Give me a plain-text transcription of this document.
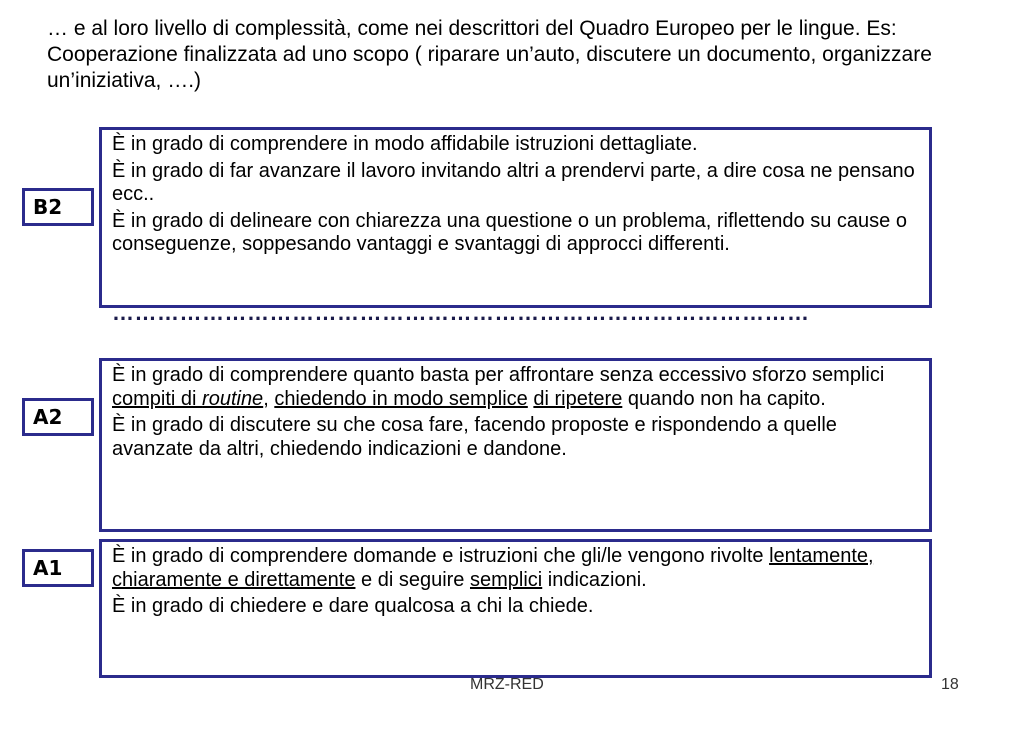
… e al loro livello di complessità, come nei descrittori del Quadro Europeo per le lingue. Es: Cooperazione finalizzata ad uno scopo ( riparare un’auto, discutere un documento, organizzare un’iniziativa, ….)
B2

È in grado di comprendere in modo affidabile istruzioni dettagliate.

È in grado di far avanzare il lavoro invitando altri a prendervi parte, a dire cosa ne pensano ecc..

È in grado di delineare con chiarezza una questione o un problema, riflettendo su cause o conseguenze, soppesando vantaggi e svantaggi di approcci differenti.

…………………………………………………………………………………
A2

È in grado di comprendere quanto basta per affrontare senza eccessivo sforzo semplici compiti di routine, chiedendo in modo semplice di ripetere quando non ha capito.

È in grado di discutere su che cosa fare, facendo proposte e rispondendo a quelle avanzate da altri, chiedendo indicazioni e dandone.

A1	È in grado di comprendere domande e istruzioni che gli/le vengono rivolte lentamente, chiaramente e direttamente e di seguire semplici indicazioni.

È in grado di chiedere e dare qualcosa a chi la chiede.

MRZ-RED	18
